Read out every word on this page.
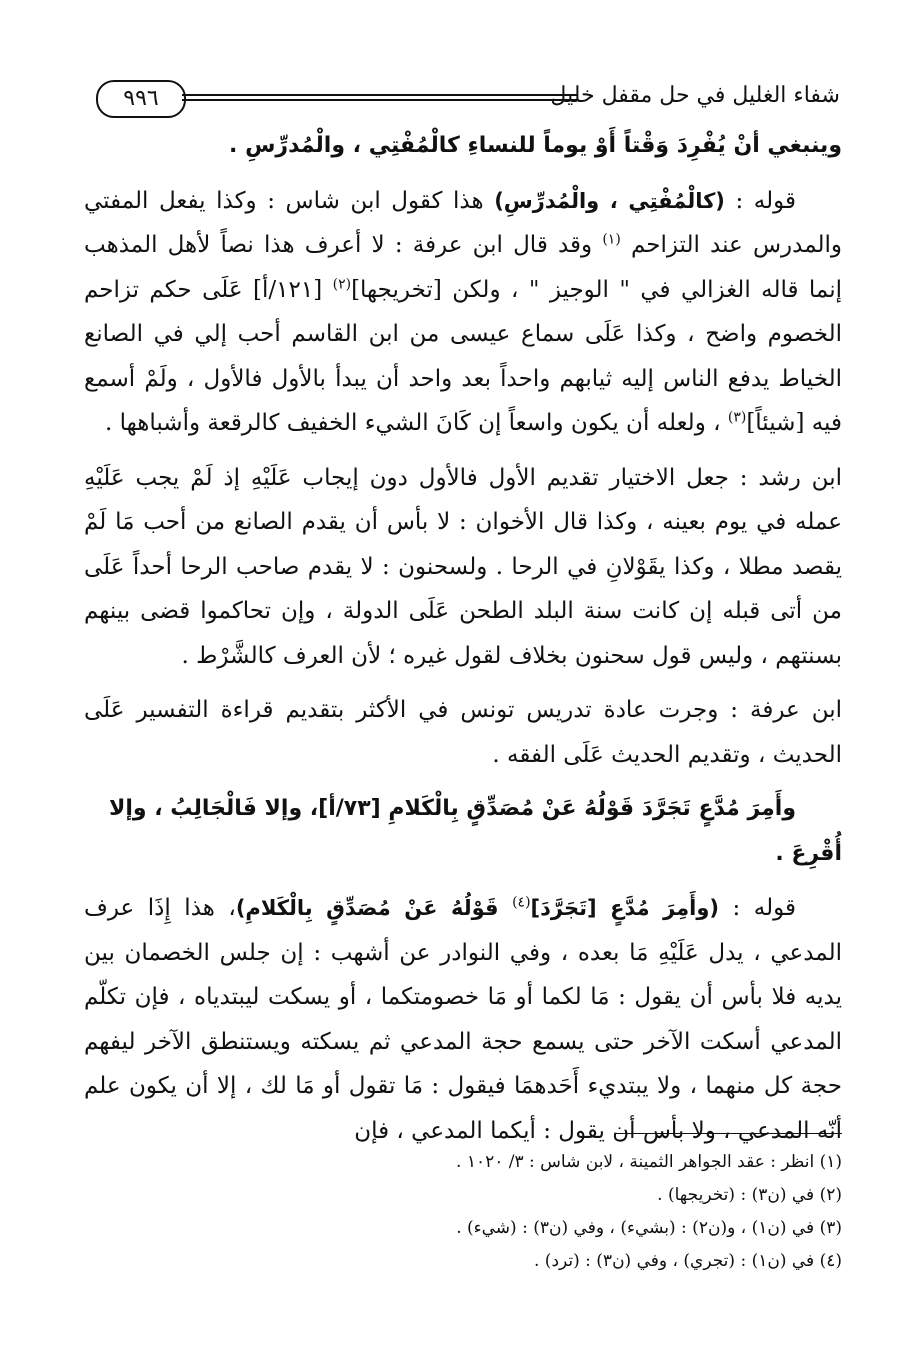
٩٩٦	شفاء الغليل في حل مقفل خليل

وينبغي أنْ يُفْرِدَ وَقْتاً أَوْ يوماً للنساءِ كالْمُفْتِي ، والْمُدرِّسِ .

قوله : (كالْمُفْتِي ، والْمُدرِّسِ) هذا كقول ابن شاس : وكذا يفعل المفتي والمدرس عند التزاحم $^{(١)}$ وقد قال ابن عرفة : لا أعرف هذا نصاً لأهل المذهب إنما قاله الغزالي في " الوجيز " ، ولكن [تخريجها]$^{(٢)}$ [١٢١/أ] عَلَى حكم تزاحم الخصوم واضح ، وكذا عَلَى سماع عيسى من ابن القاسم أحب إلي في الصانع الخياط يدفع الناس إليه ثيابهم واحداً بعد واحد أن يبدأ بالأول فالأول ، ولَمْ أسمع فيه [شيئاً]$^{(٣)}$ ، ولعله أن يكون واسعاً إن كَانَ الشيء الخفيف كالرقعة وأشباهها .

ابن رشد : جعل الاختيار تقديم الأول فالأول دون إيجاب عَلَيْهِ إذ لَمْ يجب عَلَيْهِ عمله في يوم بعينه ، وكذا قال الأخوان : لا بأس أن يقدم الصانع من أحب مَا لَمْ يقصد مطلا ، وكذا يقَوْلانِ في الرحا . ولسحنون : لا يقدم صاحب الرحا أحداً عَلَى من أتى قبله إن كانت سنة البلد الطحن عَلَى الدولة ، وإن تحاكموا قضى بينهم بسنتهم ، وليس قول سحنون بخلاف لقول غيره ؛ لأن العرف كالشَّرْط .

ابن عرفة : وجرت عادة تدريس تونس في الأكثر بتقديم قراءة التفسير عَلَى الحديث ، وتقديم الحديث عَلَى الفقه .

وأَمِرَ مُدَّعٍ تَجَرَّدَ قَوْلُهُ عَنْ مُصَدِّقٍ بِالْكَلامِ [٧٣/أ]، وإلا فَالْجَالِبُ ، وإلا أُقْرِعَ .

قوله : (وأَمِرَ مُدَّعٍ [تَجَرَّدَ]$^{(٤)}$ قَوْلُهُ عَنْ مُصَدِّقٍ بِالْكَلامِ)، هذا إِذَا عرف المدعي ، يدل عَلَيْهِ مَا بعده ، وفي النوادر عن أشهب : إن جلس الخصمان بين يديه فلا بأس أن يقول : مَا لكما أو مَا خصومتكما ، أو يسكت ليبتدياه ، فإن تكلّم المدعي أسكت الآخر حتى يسمع حجة المدعي ثم يسكته ويستنطق الآخر ليفهم حجة كل منهما ، ولا يبتديء أَحَدهمَا فيقول : مَا تقول أو مَا لك ، إلا أن يكون علم أنّه المدعي ، ولا بأس أن يقول : أيكما المدعي ، فإن

(١) انظر : عقد الجواهر الثمينة ، لابن شاس : ٣/ ١٠٢٠ .
(٢) في (ن٣) : (تخريجها) .
(٣) في (ن١) ، و(ن٢) : (بشيء) ، وفي (ن٣) : (شيء) .
(٤) في (ن١) : (تجري) ، وفي (ن٣) : (ترد) .
